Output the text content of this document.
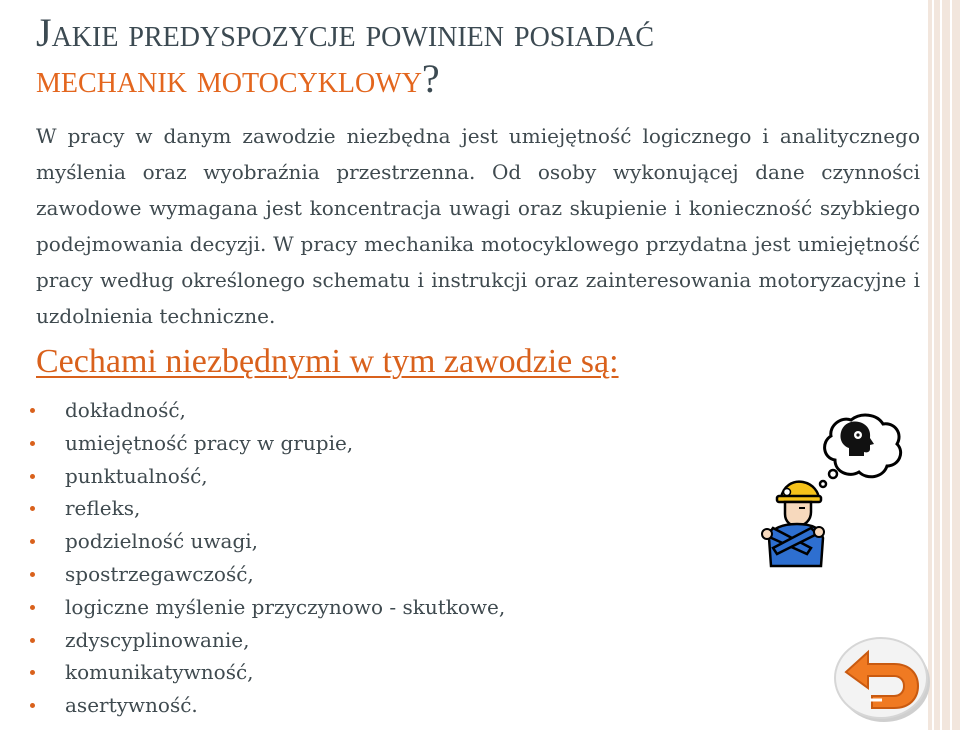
Jakie predyspozycje powinien posiadać
mechanik motocyklowy?

W pracy w danym zawodzie niezbędna jest umiejętność logicznego i analitycznego myślenia oraz wyobraźnia przestrzenna. Od osoby wykonującej dane czynności zawodowe wymagana jest koncentracja uwagi oraz skupienie i konieczność szybkiego podejmowania decyzji. W pracy mechanika motocyklowego przydatna jest umiejętność pracy według określonego schematu i instrukcji oraz zainteresowania motoryzacyjne i uzdolnienia techniczne.

Cechami niezbędnymi w tym zawodzie są:
dokładność,
umiejętność pracy w grupie,
punktualność,
refleks,
podzielność uwagi,
spostrzegawczość,
logiczne myślenie przyczynowo - skutkowe,
zdyscyplinowanie,
komunikatywność,
asertywność.
